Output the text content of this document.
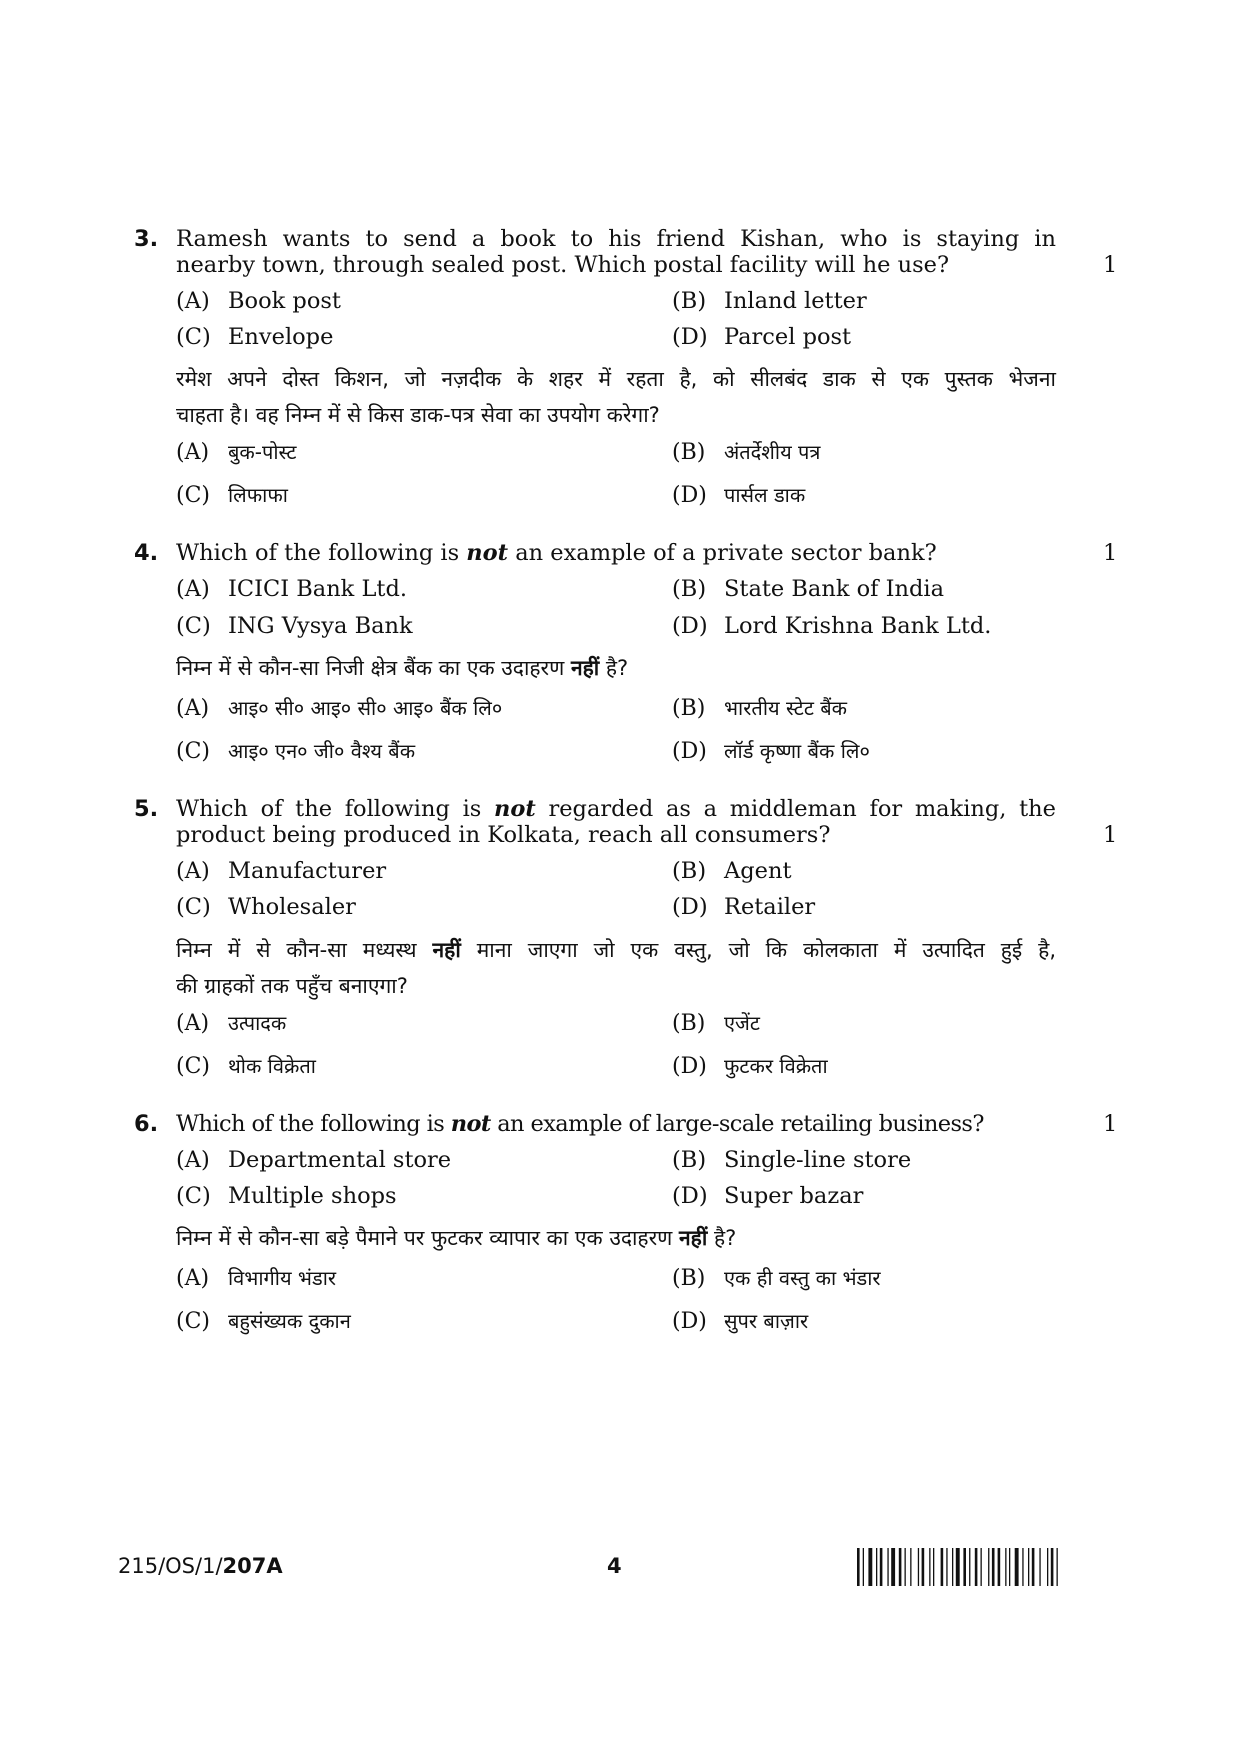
3. Ramesh wants to send a book to his friend Kishan, who is staying in
nearby town, through sealed post. Which postal facility will he use?	1
(A) Book post	(B) Inland letter
(C) Envelope	(D) Parcel post
रमेश अपने दोस्त किशन, जो नज़दीक के शहर में रहता है, को सीलबंद डाक से एक पुस्तक भेजना
चाहता है। वह निम्न में से किस डाक-पत्र सेवा का उपयोग करेगा?
(A) बुक-पोस्ट	(B) अंतर्देशीय पत्र
(C) लिफाफा	(D) पार्सल डाक
4. Which of the following is not an example of a private sector bank?	1
(A) ICICI Bank Ltd.	(B) State Bank of India
(C) ING Vysya Bank	(D) Lord Krishna Bank Ltd.
निम्न में से कौन-सा निजी क्षेत्र बैंक का एक उदाहरण नहीं है?
(A) आइ० सी० आइ० सी० आइ० बैंक लि०	(B) भारतीय स्टेट बैंक
(C) आइ० एन० जी० वैश्य बैंक	(D) लॉर्ड कृष्णा बैंक लि०
5. Which of the following is not regarded as a middleman for making, the
product being produced in Kolkata, reach all consumers?	1
(A) Manufacturer	(B) Agent
(C) Wholesaler	(D) Retailer
निम्न में से कौन-सा मध्यस्थ नहीं माना जाएगा जो एक वस्तु, जो कि कोलकाता में उत्पादित हुई है,
की ग्राहकों तक पहुँच बनाएगा?
(A) उत्पादक	(B) एजेंट
(C) थोक विक्रेता	(D) फुटकर विक्रेता
6. Which of the following is not an example of large-scale retailing business?	1
(A) Departmental store	(B) Single-line store
(C) Multiple shops	(D) Super bazar
निम्न में से कौन-सा बड़े पैमाने पर फुटकर व्यापार का एक उदाहरण नहीं है?
(A) विभागीय भंडार	(B) एक ही वस्तु का भंडार
(C) बहुसंख्यक दुकान	(D) सुपर बाज़ार
215/OS/1/207A	4
